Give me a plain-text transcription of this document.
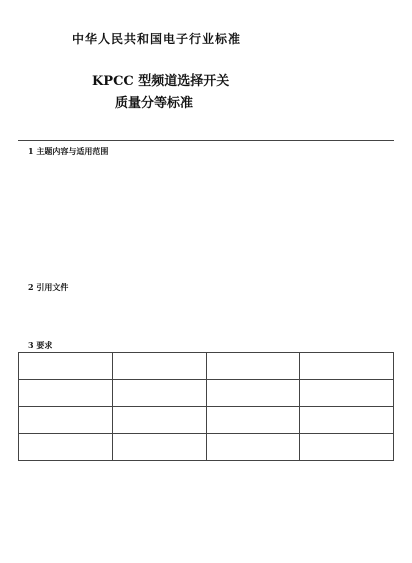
中华人民共和国电子行业标准
KPCC 型频道选择开关
质量分等标准
1 主题内容与适用范围
2 引用文件
3 要求
